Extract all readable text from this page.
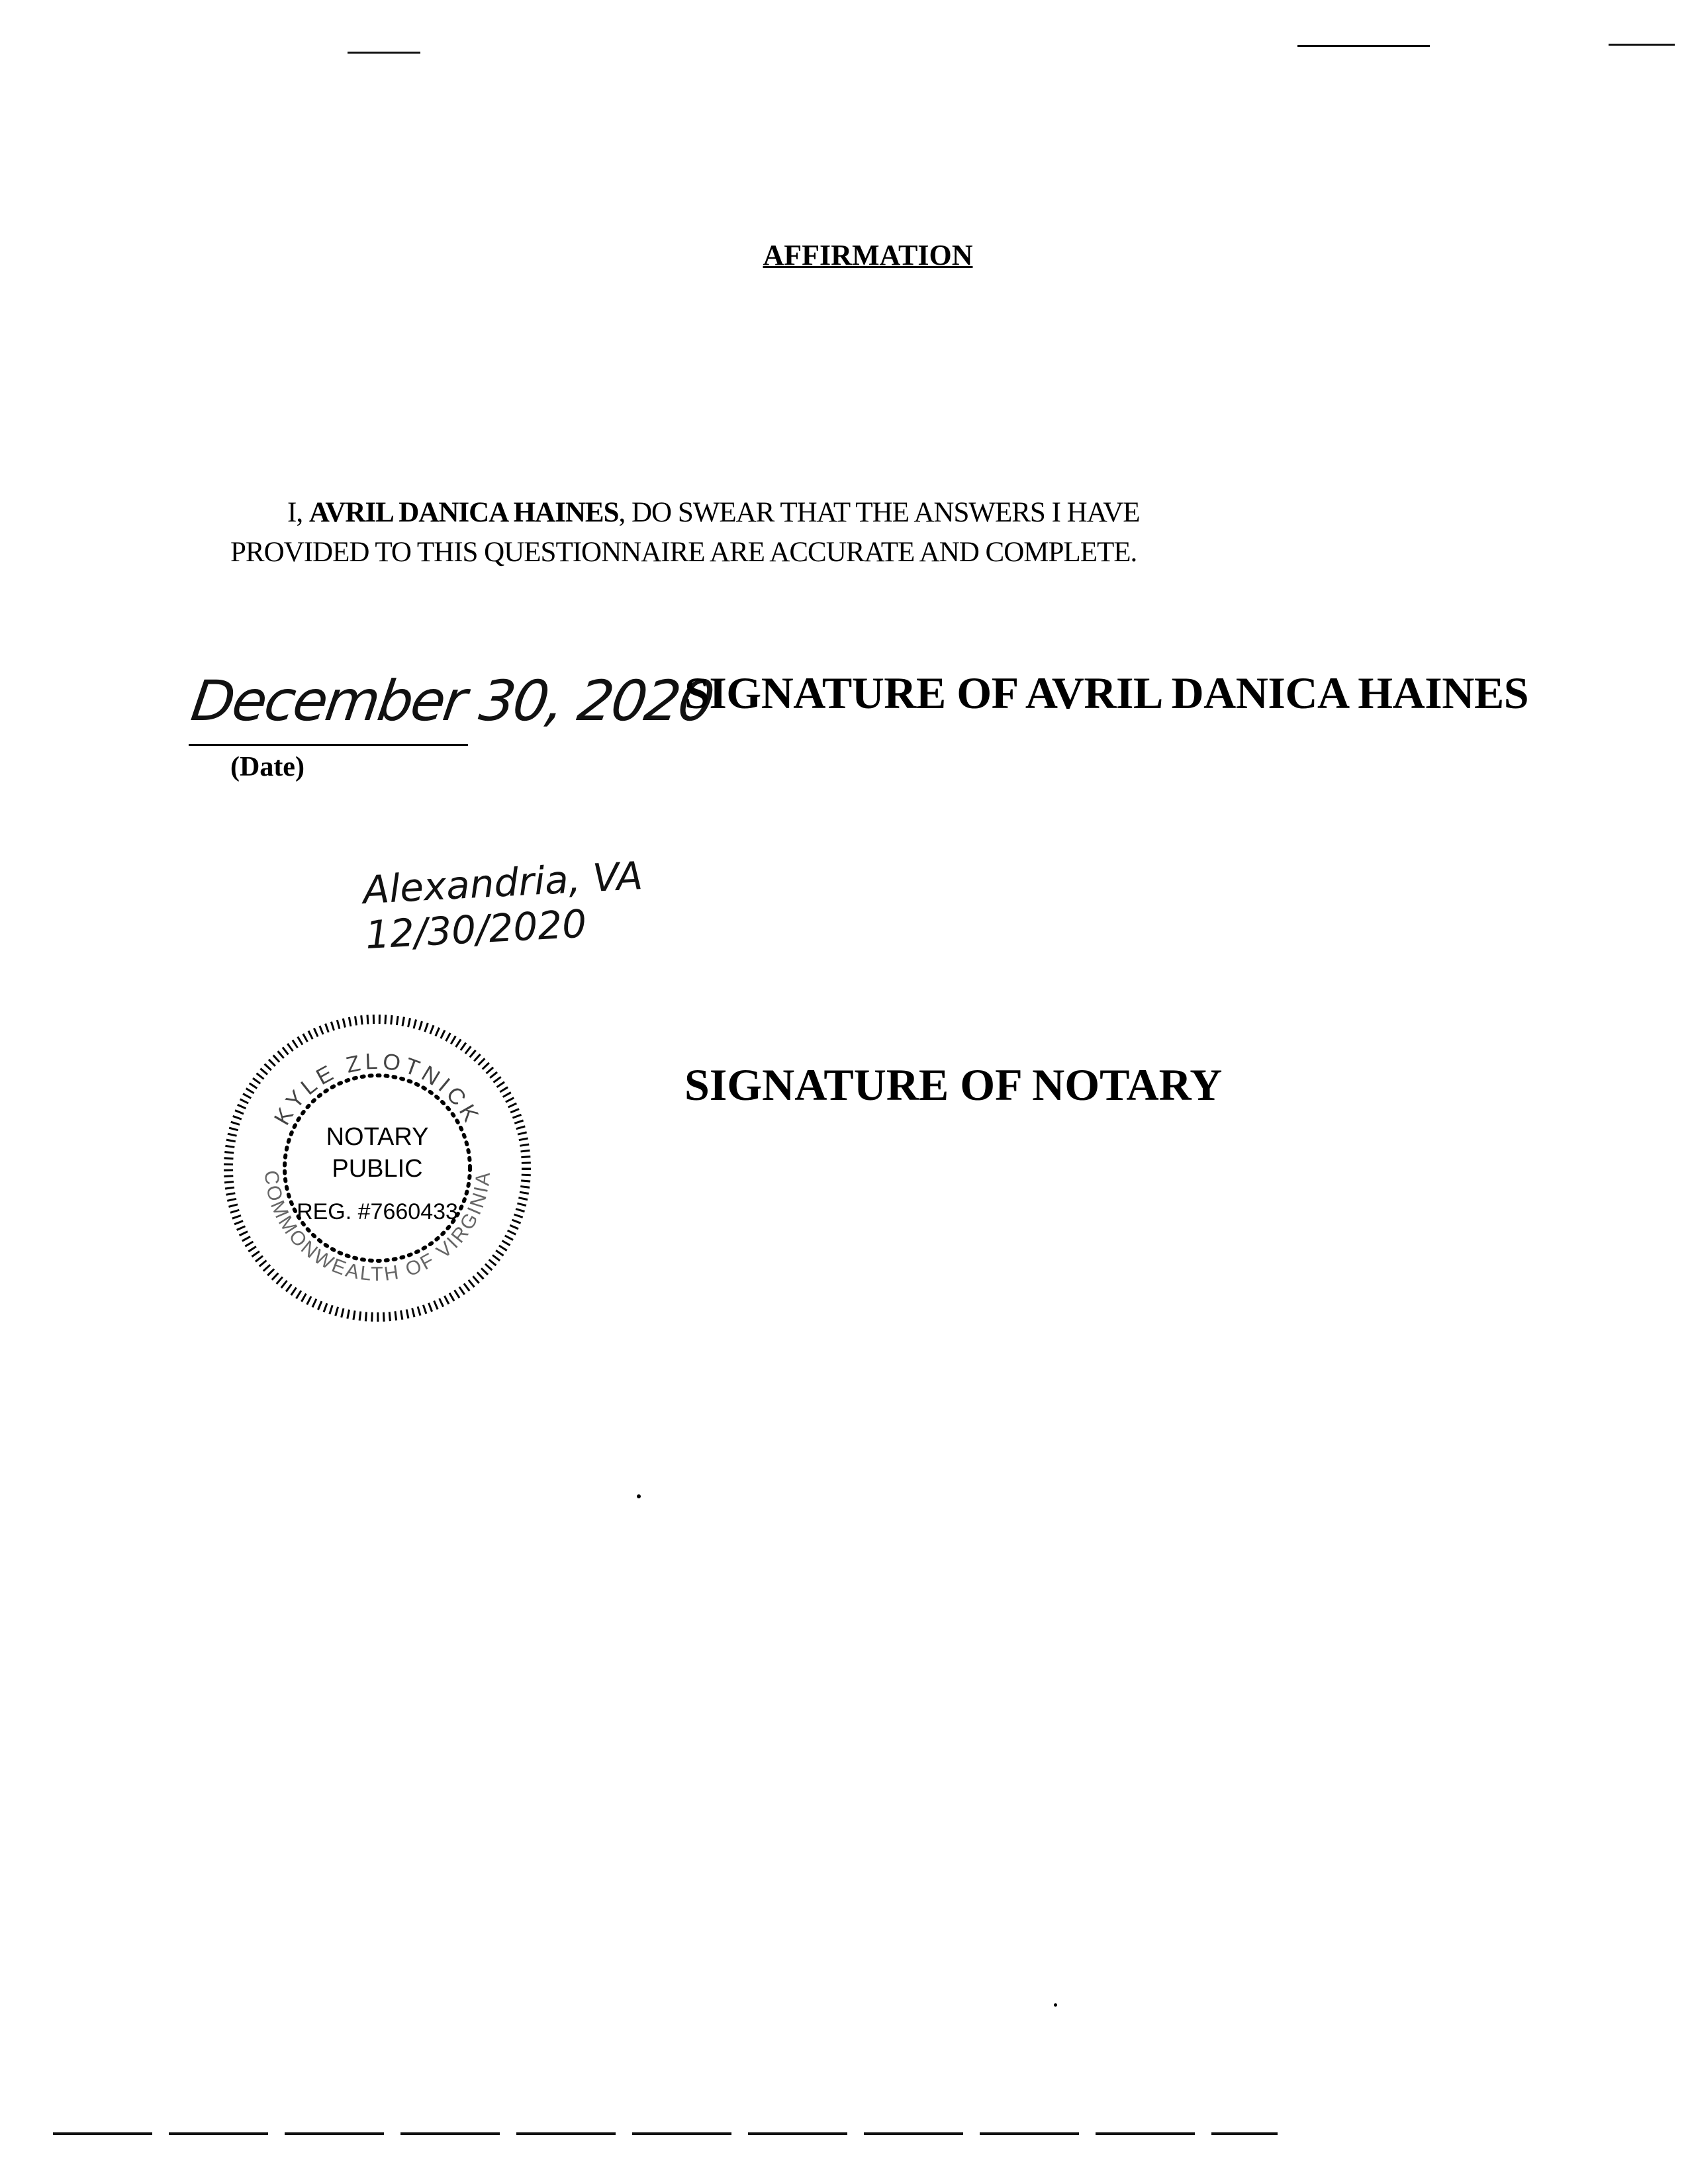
AFFIRMATION
I, AVRIL DANICA HAINES, DO SWEAR THAT THE ANSWERS I HAVE
PROVIDED TO THIS QUESTIONNAIRE ARE ACCURATE AND COMPLETE.
December 30, 2020
(Date)
SIGNATURE OF AVRIL DANICA HAINES
Alexandria, VA
12/30/2020
KYLE ZLOTNICK
COMMONWEALTH OF VIRGINIA
NOTARY
PUBLIC
REG. #7660433
SIGNATURE OF NOTARY
